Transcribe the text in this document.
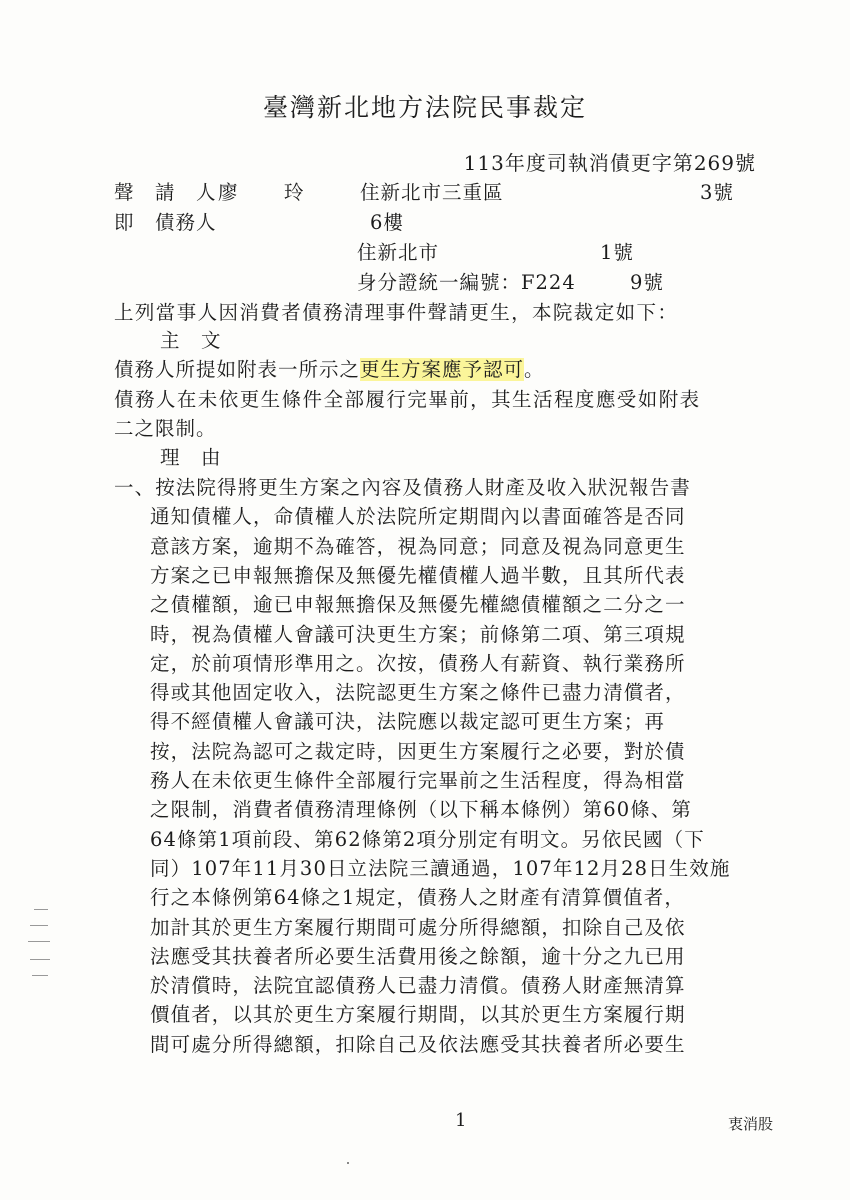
臺灣新北地方法院民事裁定
113年度司執消債更字第269號
聲　請　人 廖 玲	住新北市三重區	3號
即　債務人	6樓
住新北市	1號
身分證統一編號：F224	9號
上列當事人因消費者債務清理事件聲請更生，本院裁定如下：
主　文
債務人所提如附表一所示之更生方案應予認可。
債務人在未依更生條件全部履行完畢前，其生活程度應受如附表
二之限制。
理　由
一、按法院得將更生方案之內容及債務人財產及收入狀況報告書
通知債權人，命債權人於法院所定期間內以書面確答是否同
意該方案，逾期不為確答，視為同意；同意及視為同意更生
方案之已申報無擔保及無優先權債權人過半數，且其所代表
之債權額，逾已申報無擔保及無優先權總債權額之二分之一
時，視為債權人會議可決更生方案；前條第二項、第三項規
定，於前項情形準用之。次按，債務人有薪資、執行業務所
得或其他固定收入，法院認更生方案之條件已盡力清償者，
得不經債權人會議可決，法院應以裁定認可更生方案；再
按，法院為認可之裁定時，因更生方案履行之必要，對於債
務人在未依更生條件全部履行完畢前之生活程度，得為相當
之限制，消費者債務清理條例（以下稱本條例）第60條、第
64條第1項前段、第62條第2項分別定有明文。另依民國（下
同）107年11月30日立法院三讀通過，107年12月28日生效施
行之本條例第64條之1規定，債務人之財產有清算價值者，
加計其於更生方案履行期間可處分所得總額，扣除自己及依
法應受其扶養者所必要生活費用後之餘額，逾十分之九已用
於清償時，法院宜認債務人已盡力清償。債務人財產無清算
價值者，以其於更生方案履行期間，以其於更生方案履行期
間可處分所得總額，扣除自己及依法應受其扶養者所必要生
1	衷消股
